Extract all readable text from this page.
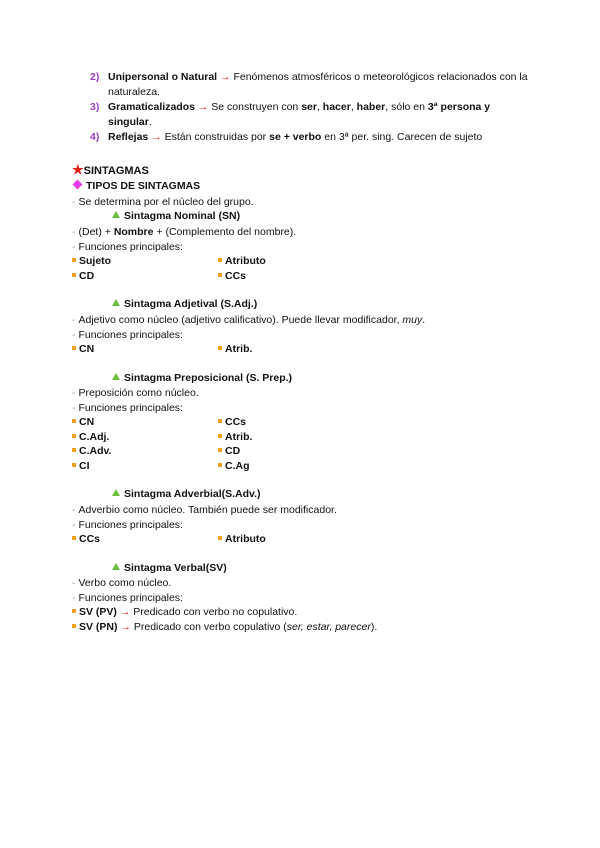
2) Unipersonal o Natural → Fenómenos atmosféricos o meteorológicos relacionados con la naturaleza.
3) Gramaticalizados → Se construyen con ser, hacer, haber, sólo en 3ª persona y singular.
4) Reflejas → Están construidas por se + verbo en 3ª per. sing. Carecen de sujeto
★SINTAGMAS
TIPOS DE SINTAGMAS
- Se determina por el núcleo del grupo.
Sintagma Nominal (SN)
- (Det) + Nombre + (Complemento del nombre).
- Funciones principales:
Sujeto	Atributo
CD	CCs
Sintagma Adjetival (S.Adj.)
- Adjetivo como núcleo (adjetivo calificativo). Puede llevar modificador, muy.
- Funciones principales:
CN	Atrib.
Sintagma Preposicional (S. Prep.)
- Preposición como núcleo.
- Funciones principales:
CN	CCs
C.Adj.	Atrib.
C.Adv.	CD
CI	C.Ag
Sintagma Adverbial(S.Adv.)
- Adverbio como núcleo. También puede ser modificador.
- Funciones principales:
CCs	Atributo
Sintagma Verbal(SV)
- Verbo como núcleo.
- Funciones principales:
SV (PV) → Predicado con verbo no copulativo.
SV (PN) → Predicado con verbo copulativo (ser, estar, parecer).
